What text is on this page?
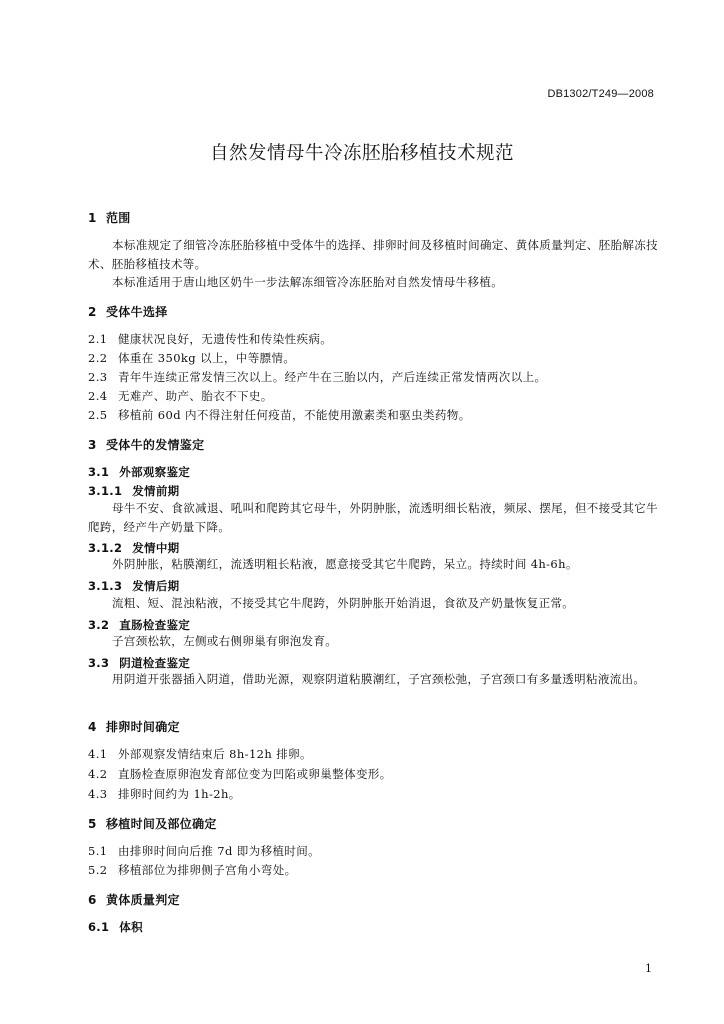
DB1302/T249—2008
自然发情母牛冷冻胚胎移植技术规范
1 范围
本标准规定了细管冷冻胚胎移植中受体牛的选择、排卵时间及移植时间确定、黄体质量判定、胚胎解冻技术、胚胎移植技术等。
本标准适用于唐山地区奶牛一步法解冻细管冷冻胚胎对自然发情母牛移植。
2 受体牛选择
2.1 健康状况良好，无遗传性和传染性疾病。
2.2 体重在 350kg 以上，中等膘情。
2.3 青年牛连续正常发情三次以上。经产牛在三胎以内，产后连续正常发情两次以上。
2.4 无难产、助产、胎衣不下史。
2.5 移植前 60d 内不得注射任何疫苗，不能使用激素类和驱虫类药物。
3 受体牛的发情鉴定
3.1 外部观察鉴定
3.1.1 发情前期
母牛不安、食欲减退、吼叫和爬跨其它母牛，外阴肿胀，流透明细长粘液，频尿、摆尾，但不接受其它牛爬跨，经产牛产奶量下降。
3.1.2 发情中期
外阴肿胀，粘膜潮红，流透明粗长粘液，愿意接受其它牛爬跨，呆立。持续时间 4h-6h。
3.1.3 发情后期
流粗、短、混浊粘液，不接受其它牛爬跨，外阴肿胀开始消退，食欲及产奶量恢复正常。
3.2 直肠检查鉴定
子宫颈松软，左侧或右侧卵巢有卵泡发育。
3.3 阴道检查鉴定
用阴道开张器插入阴道，借助光源，观察阴道粘膜潮红，子宫颈松弛，子宫颈口有多量透明粘液流出。
4 排卵时间确定
4.1 外部观察发情结束后 8h-12h 排卵。
4.2 直肠检查原卵泡发育部位变为凹陷或卵巢整体变形。
4.3 排卵时间约为 1h-2h。
5 移植时间及部位确定
5.1 由排卵时间向后推 7d 即为移植时间。
5.2 移植部位为排卵侧子宫角小弯处。
6 黄体质量判定
6.1 体积
1
